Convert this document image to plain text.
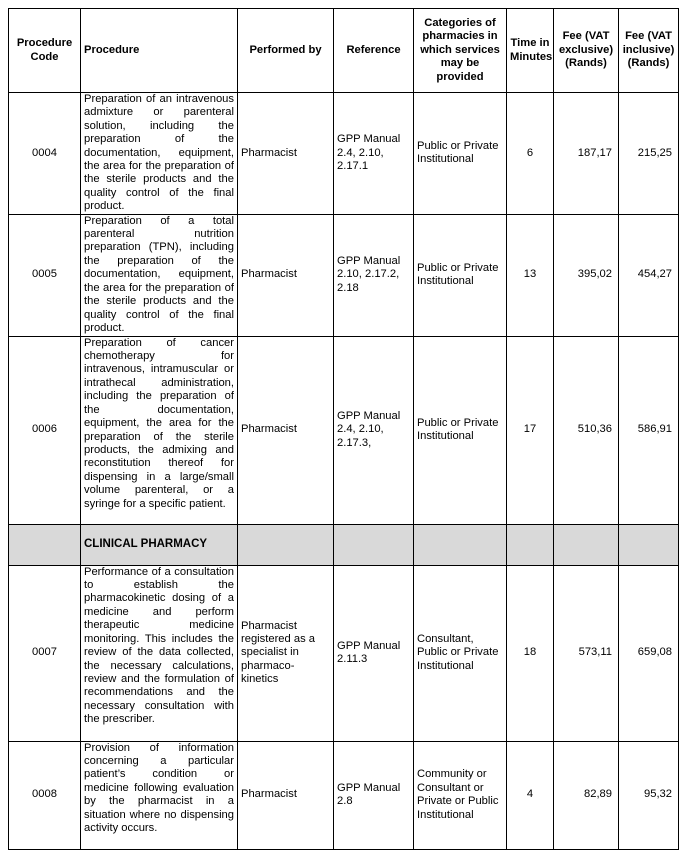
Procedure Code	Procedure	Performed by	Reference	Categories of pharmacies in which services may be provided	Time in Minutes	Fee (VAT exclusive) (Rands)	Fee (VAT inclusive) (Rands)
0004	Preparation of an intravenous admixture or parenteral solution, including the preparation of the documentation, equipment, the area for the preparation of the sterile products and the quality control of the final product.	Pharmacist	GPP Manual 2.4, 2.10, 2.17.1	Public or Private Institutional	6	187,17	215,25
0005	Preparation of a total parenteral nutrition preparation (TPN), including the preparation of the documentation, equipment, the area for the preparation of the sterile products and the quality control of the final product.	Pharmacist	GPP Manual 2.10, 2.17.2, 2.18	Public or Private Institutional	13	395,02	454,27
0006	Preparation of cancer chemotherapy for intravenous, intramuscular or intrathecal administration, including the preparation of the documentation, equipment, the area for the preparation of the sterile products, the admixing and reconstitution thereof for dispensing in a large/small volume parenteral, or a syringe for a specific patient.	Pharmacist	GPP Manual 2.4, 2.10, 2.17.3,	Public or Private Institutional	17	510,36	586,91
	CLINICAL PHARMACY						
0007	Performance of a consultation to establish the pharmacokinetic dosing of a medicine and perform therapeutic medicine monitoring. This includes the review of the data collected, the necessary calculations, review and the formulation of recommendations and the necessary consultation with the prescriber.	Pharmacist registered as a specialist in pharmaco-kinetics	GPP Manual 2.11.3	Consultant, Public or Private Institutional	18	573,11	659,08
0008	Provision of information concerning a particular patient’s condition or medicine following evaluation by the pharmacist in a situation where no dispensing activity occurs.	Pharmacist	GPP Manual 2.8	Community or Consultant or Private or Public Institutional	4	82,89	95,32
